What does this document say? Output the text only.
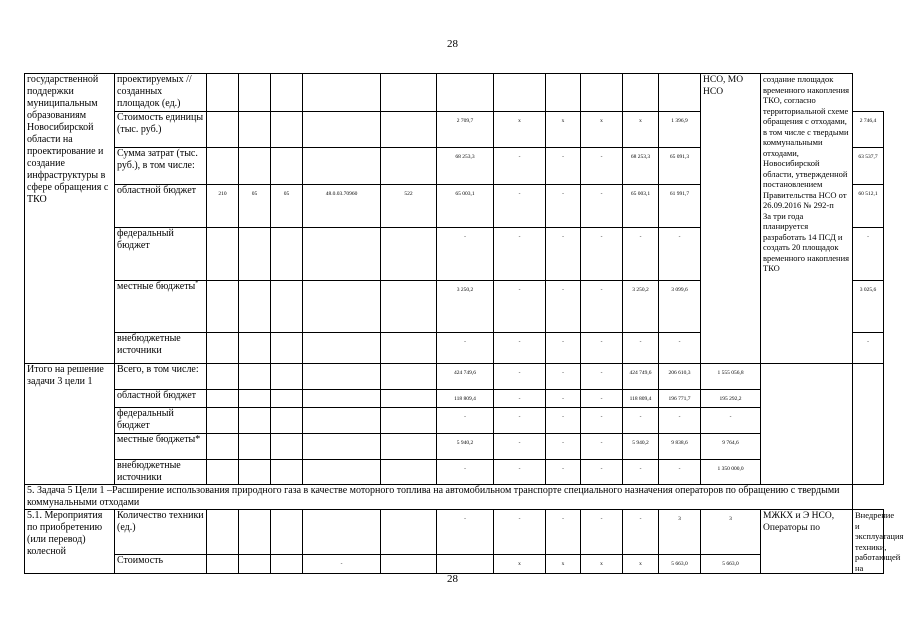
28
государственной поддержки муниципальным образованиям Новосибирской области на проектирование и создание инфраструктуры в сфере обращения с ТКО	проектируемых // созданных площадок (ед.)												НСО, МО НСО	создание площадок временного накопления ТКО, согласно территориальной схеме обращения с отходами, в том числе с твердыми коммунальными отходами, Новосибирской области, утвержденной постановлением Правительства НСО от 26.09.2016 № 292-п
За три года планируется разработать 14 ПСД и создать 20 площадок временного накопления ТКО	
	Стоимость единицы (тыс. руб.)						2 709,7	х	х	х	х	1 396,9			2 746,4
	Сумма затрат (тыс. руб.), в том числе:						68 253,3	-	-	-	68 253,3	65 091,3			63 537,7
	областной бюджет	210	05	05	48.0.03.70960	522	65 003,1	-	-	-	65 003,1	61 991,7			60 512,1
	федеральный бюджет						-	-	-	-	-	-			-
	местные бюджеты*						3 250,2	-	-	-	3 250,2	3 099,6			3 025,6
	внебюджетные источники						-	-	-	-	-	-			-
Итого на решение задачи 3 цели 1	Всего, в том числе:						424 749,6	-	-	-	424 749,6	206 610,3	1 555 056,8		
	областной бюджет						118 809,4	-	-	-	118 809,4	196 771,7	195 292,2		
	федеральный бюджет						-	-	-	-	-	-	-		
	местные бюджеты*						5 940,2	-	-	-	5 940,2	9 838,6	9 764,6		
	внебюджетные источники						-	-	-	-	-	-	1 350 000,0		
5. Задача 5 Цели 1 –Расширение использования природного газа в качестве моторного топлива на автомобильном транспорте специального назначения операторов по обращению с твердыми коммунальными отходами															
5.1. Мероприятия по приобретению (или перевод) колесной	Количество техники (ед.)						-	-	-	-	-	3	3	МЖКХ и Э НСО, Операторы по	Внедрение и эксплуатация техники, работающей на
	Стоимость				-			х	х	х	х	5 663,0	5 663,0		
28
